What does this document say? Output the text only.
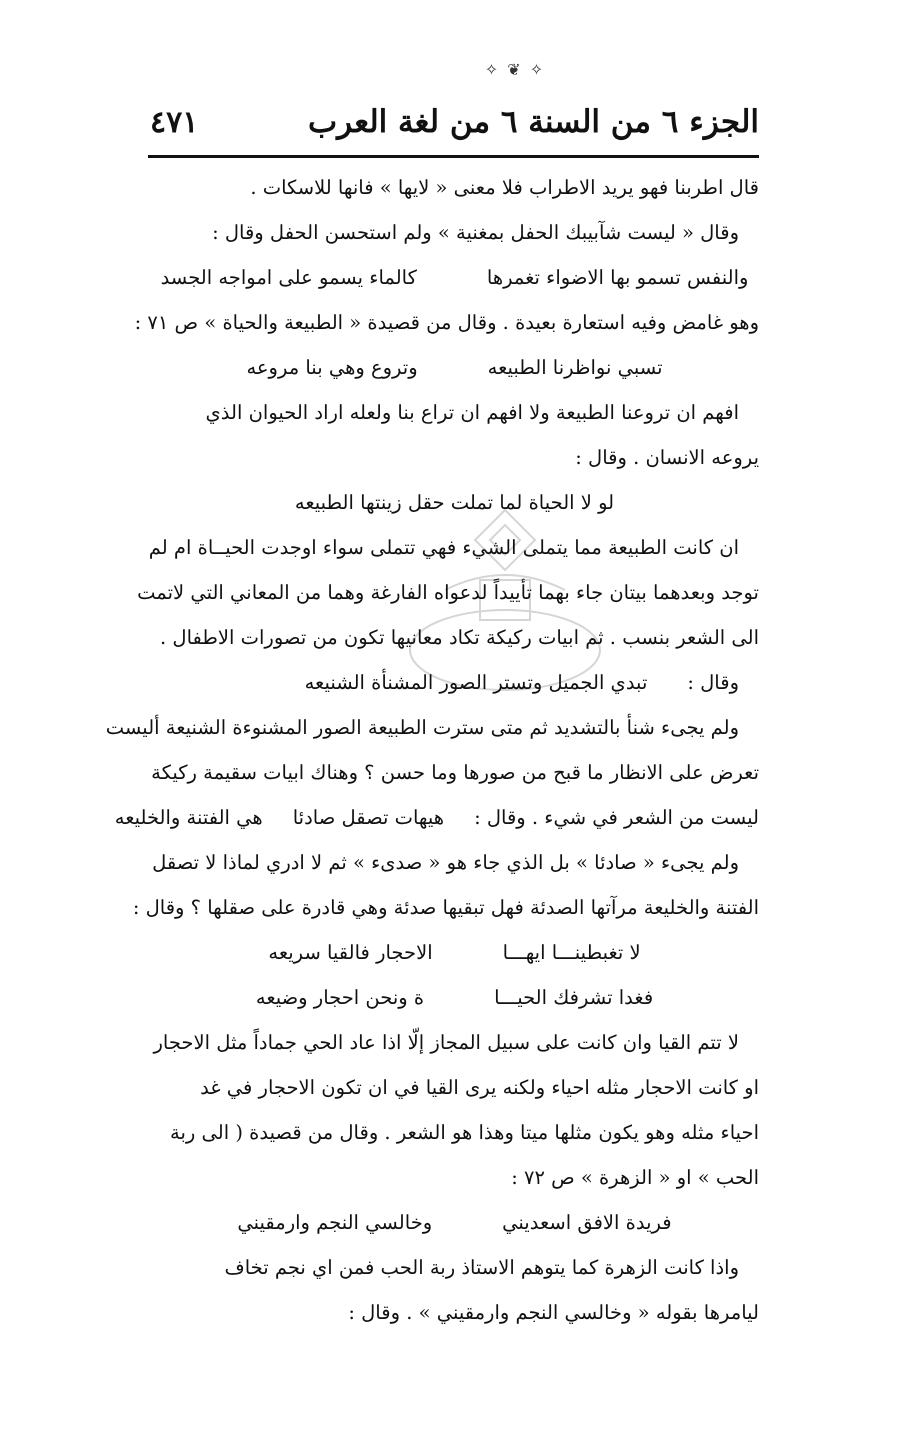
✧ ❦ ✧
الجزء ٦ من السنة ٦ من لغة العرب
٤٧١
قال اطربنا فهو يريد الاطراب فلا معنى « لايها » فانها للاسكات .
وقال « ليست شآبيبك الحفل بمغنية » ولم استحسن الحفل وقال :
والنفس تسمو بها الاضواء تغمرها
كالماء يسمو على امواجه الجسد
وهو غامض وفيه استعارة بعيدة . وقال من قصيدة « الطبيعة والحياة » ص ٧١ :
تسبي نواظرنا الطبيعه
وتروع وهي بنا مروعه
افهم ان تروعنا الطبيعة ولا افهم ان تراع بنا ولعله اراد الحيوان الذي
يروعه الانسان . وقال :
لو لا الحياة لما تملت حقل زينتها الطبيعه
ان كانت الطبيعة مما يتملى الشيء فهي تتملى سواء اوجدت الحيــاة ام لم
توجد وبعدهما بيتان جاء بهما تأييداً لدعواه الفارغة وهما من المعاني التي لاتمت
الى الشعر بنسب . ثم ابيات ركيكة تكاد معانيها تكون من تصورات الاطفال .
وقال :
تبدي الجميل وتستر الصور المشنأة الشنيعه
ولم يجىء شنأ بالتشديد ثم متى سترت الطبيعة الصور المشنوءة الشنيعة أليست
تعرض على الانظار ما قبح من صورها وما حسن ؟ وهناك ابيات سقيمة ركيكة
ليست من الشعر في شيء . وقال :
هيهات تصقل صادئا
هي الفتنة والخليعه
ولم يجىء « صادئا » بل الذي جاء هو « صدىء » ثم لا ادري لماذا لا تصقل
الفتنة والخليعة مرآتها الصدئة فهل تبقيها صدئة وهي قادرة على صقلها ؟ وقال :
لا تغبطينـــا ايهـــا
الاحجار فالقيا سريعه
فغدا تشرفك الحيـــا
ة ونحن احجار وضيعه
لا تتم القيا وان كانت على سبيل المجاز إلّا اذا عاد الحي جماداً مثل الاحجار
او كانت الاحجار مثله احياء ولكنه يرى القيا في ان تكون الاحجار في غد
احياء مثله وهو يكون مثلها ميتا وهذا هو الشعر . وقال من قصيدة ( الى ربة
الحب » او « الزهرة » ص ٧٢ :
فريدة الافق اسعديني
وخالسي النجم وارمقيني
واذا كانت الزهرة كما يتوهم الاستاذ ربة الحب فمن اي نجم تخاف
لیامرها بقوله « وخالسي النجم وارمقيني » . وقال :
